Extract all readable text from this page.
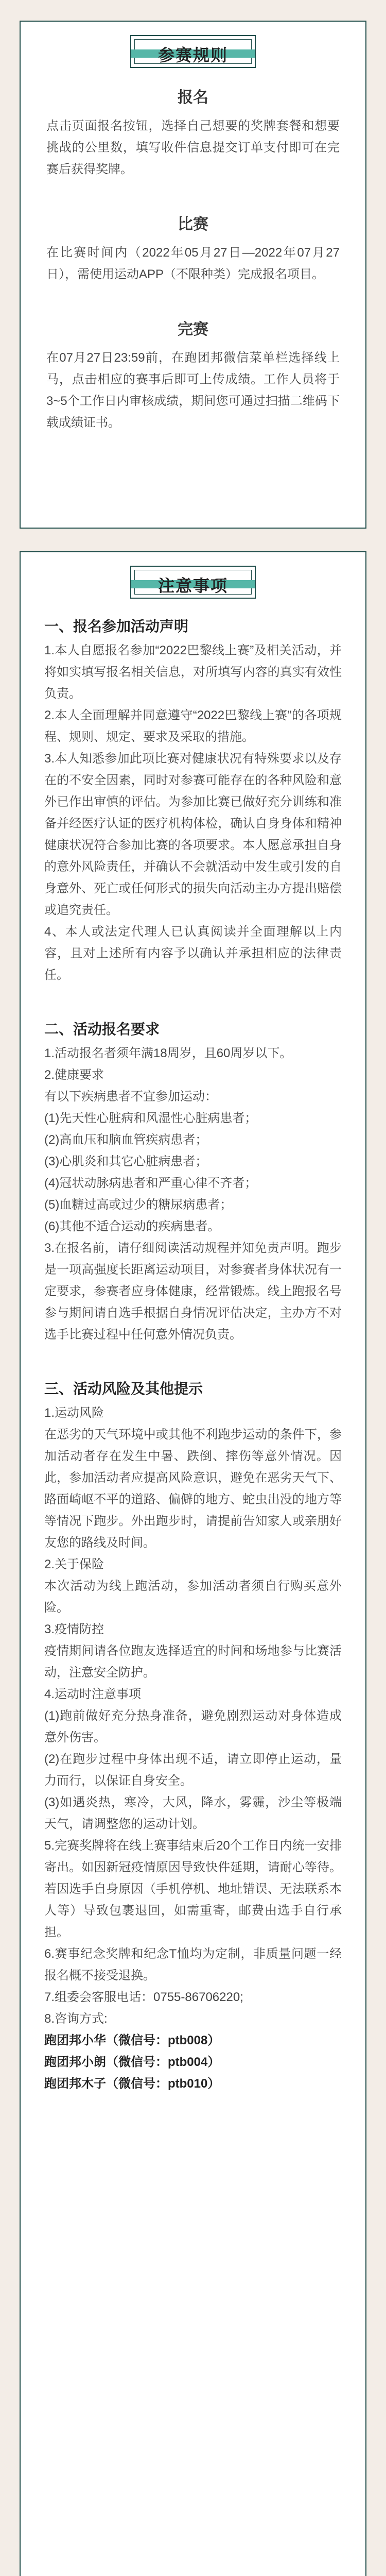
参赛规则

报名

点击页面报名按钮，选择自己想要的奖牌套餐和想要挑战的公里数，填写收件信息提交订单支付即可在完赛后获得奖牌。

比赛

在比赛时间内（2022年05月27日—2022年07月27日），需使用运动APP（不限种类）完成报名项目。

完赛

在07月27日23:59前，在跑团邦微信菜单栏选择线上马，点击相应的赛事后即可上传成绩。工作人员将于3~5个工作日内审核成绩，期间您可通过扫描二维码下载成绩证书。

注意事项

一、报名参加活动声明

1.本人自愿报名参加“2022巴黎线上赛”及相关活动，并将如实填写报名相关信息，对所填写内容的真实有效性负责。

2.本人全面理解并同意遵守“2022巴黎线上赛”的各项规程、规则、规定、要求及采取的措施。

3.本人知悉参加此项比赛对健康状况有特殊要求以及存在的不安全因素，同时对参赛可能存在的各种风险和意外已作出审慎的评估。为参加比赛已做好充分训练和准备并经医疗认证的医疗机构体检，确认自身身体和精神健康状况符合参加比赛的各项要求。本人愿意承担自身的意外风险责任，并确认不会就活动中发生或引发的自身意外、死亡或任何形式的损失向活动主办方提出赔偿或追究责任。

4、本人或法定代理人已认真阅读并全面理解以上内容，且对上述所有内容予以确认并承担相应的法律责任。

二、活动报名要求

1.活动报名者须年满18周岁，且60周岁以下。

2.健康要求

有以下疾病患者不宜参加运动：

(1)先天性心脏病和风湿性心脏病患者；

(2)高血压和脑血管疾病患者；

(3)心肌炎和其它心脏病患者；

(4)冠状动脉病患者和严重心律不齐者；

(5)血糖过高或过少的糖尿病患者；

(6)其他不适合运动的疾病患者。

3.在报名前，请仔细阅读活动规程并知免责声明。跑步是一项高强度长距离运动项目，对参赛者身体状况有一定要求，参赛者应身体健康，经常锻炼。线上跑报名号参与期间请自选手根据自身情况评估决定，主办方不对选手比赛过程中任何意外情况负责。

三、活动风险及其他提示

1.运动风险

在恶劣的天气环境中或其他不利跑步运动的条件下，参加活动者存在发生中暑、跌倒、摔伤等意外情况。因此，参加活动者应提高风险意识，避免在恶劣天气下、路面崎岖不平的道路、偏僻的地方、蛇虫出没的地方等等情况下跑步。外出跑步时，请提前告知家人或亲朋好友您的路线及时间。

2.关于保险

本次活动为线上跑活动，参加活动者须自行购买意外险。

3.疫情防控

疫情期间请各位跑友选择适宜的时间和场地参与比赛活动，注意安全防护。

4.运动时注意事项

(1)跑前做好充分热身准备，避免剧烈运动对身体造成意外伤害。

(2)在跑步过程中身体出现不适，请立即停止运动，量力而行，以保证自身安全。

(3)如遇炎热，寒冷，大风，降水，雾霾，沙尘等极端天气，请调整您的运动计划。

5.完赛奖牌将在线上赛事结束后20个工作日内统一安排寄出。如因新冠疫情原因导致快件延期，请耐心等待。若因选手自身原因（手机停机、地址错误、无法联系本人等）导致包裹退回，如需重寄，邮费由选手自行承担。

6.赛事纪念奖牌和纪念T恤均为定制，非质量问题一经报名概不接受退换。

7.组委会客服电话：0755-86706220;

8.咨询方式:

跑团邦小华（微信号：ptb008）

跑团邦小朗（微信号：ptb004）

跑团邦木子（微信号：ptb010）
